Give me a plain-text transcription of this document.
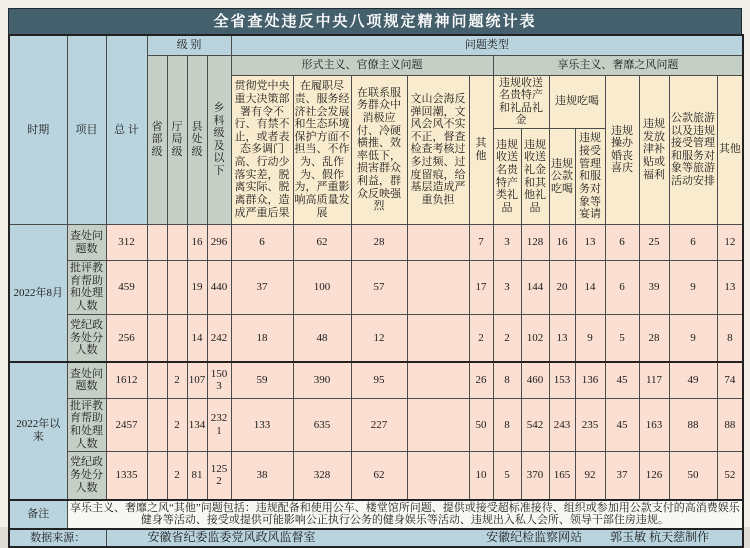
全省查处违反中央八项规定精神问题统计表
时期	项目	总 计	级 别				问题类型												
			省部级	厅局级	县处级	乡科级及以下	形式主义、官僚主义问题					享乐主义、奢靡之风问题							
							贯彻党中央重大决策部署有令不行、有禁不止，或者表态多调门高、行动少落实差，脱离实际、脱离群众，造成严重后果	在履职尽责、服务经济社会发展和生态环境保护方面不担当、不作为、乱作为、假作为，严重影响高质量发展	在联系服务群众中消极应付、冷硬横推、效率低下，损害群众利益，群众反映强烈	文山会海反弹回潮，文风会风不实不正，督查检查考核过多过频、过度留痕，给基层造成严重负担	其他	违规收送名贵特产和礼品礼金		违规吃喝		违规操办婚丧喜庆	违规发放津补贴或福利	公款旅游以及违规接受管理和服务对象等旅游活动安排	其他
												违规收送名贵特产类礼品	违规收送礼金和其他礼品	违规公款吃喝	违规接受管理和服务对象等宴请				
2022年8月	查处问题数	312			16	296	6	62	28		7	3	128	16	13	6	25	6	12
	批评教育帮助和处理人数	459			19	440	37	100	57		17	3	144	20	14	6	39	9	13
	党纪政务处分人数	256			14	242	18	48	12		2	2	102	13	9	5	28	9	8
2022年以来	查处问题数	1612		2	107	1503	59	390	95		26	8	460	153	136	45	117	49	74
	批评教育帮助和处理人数	2457		2	134	2321	133	635	227		50	8	542	243	235	45	163	88	88
	党纪政务处分人数	1335		2	81	1252	38	328	62		10	5	370	165	92	37	126	50	52
备注	享乐主义、奢靡之风“其他”问题包括：违规配备和使用公车、楼堂馆所问题、提供或接受超标准接待、组织或参加用公款支付的高消费娱乐健身等活动、接受或提供可能影响公正执行公务的健身娱乐等活动、违规出入私人会所、领导干部住房违规。																		
数据来源：		安徽省纪委监委党风政风监督室 安徽纪检监察网站 郭玉敏 杭天慈制作																	
